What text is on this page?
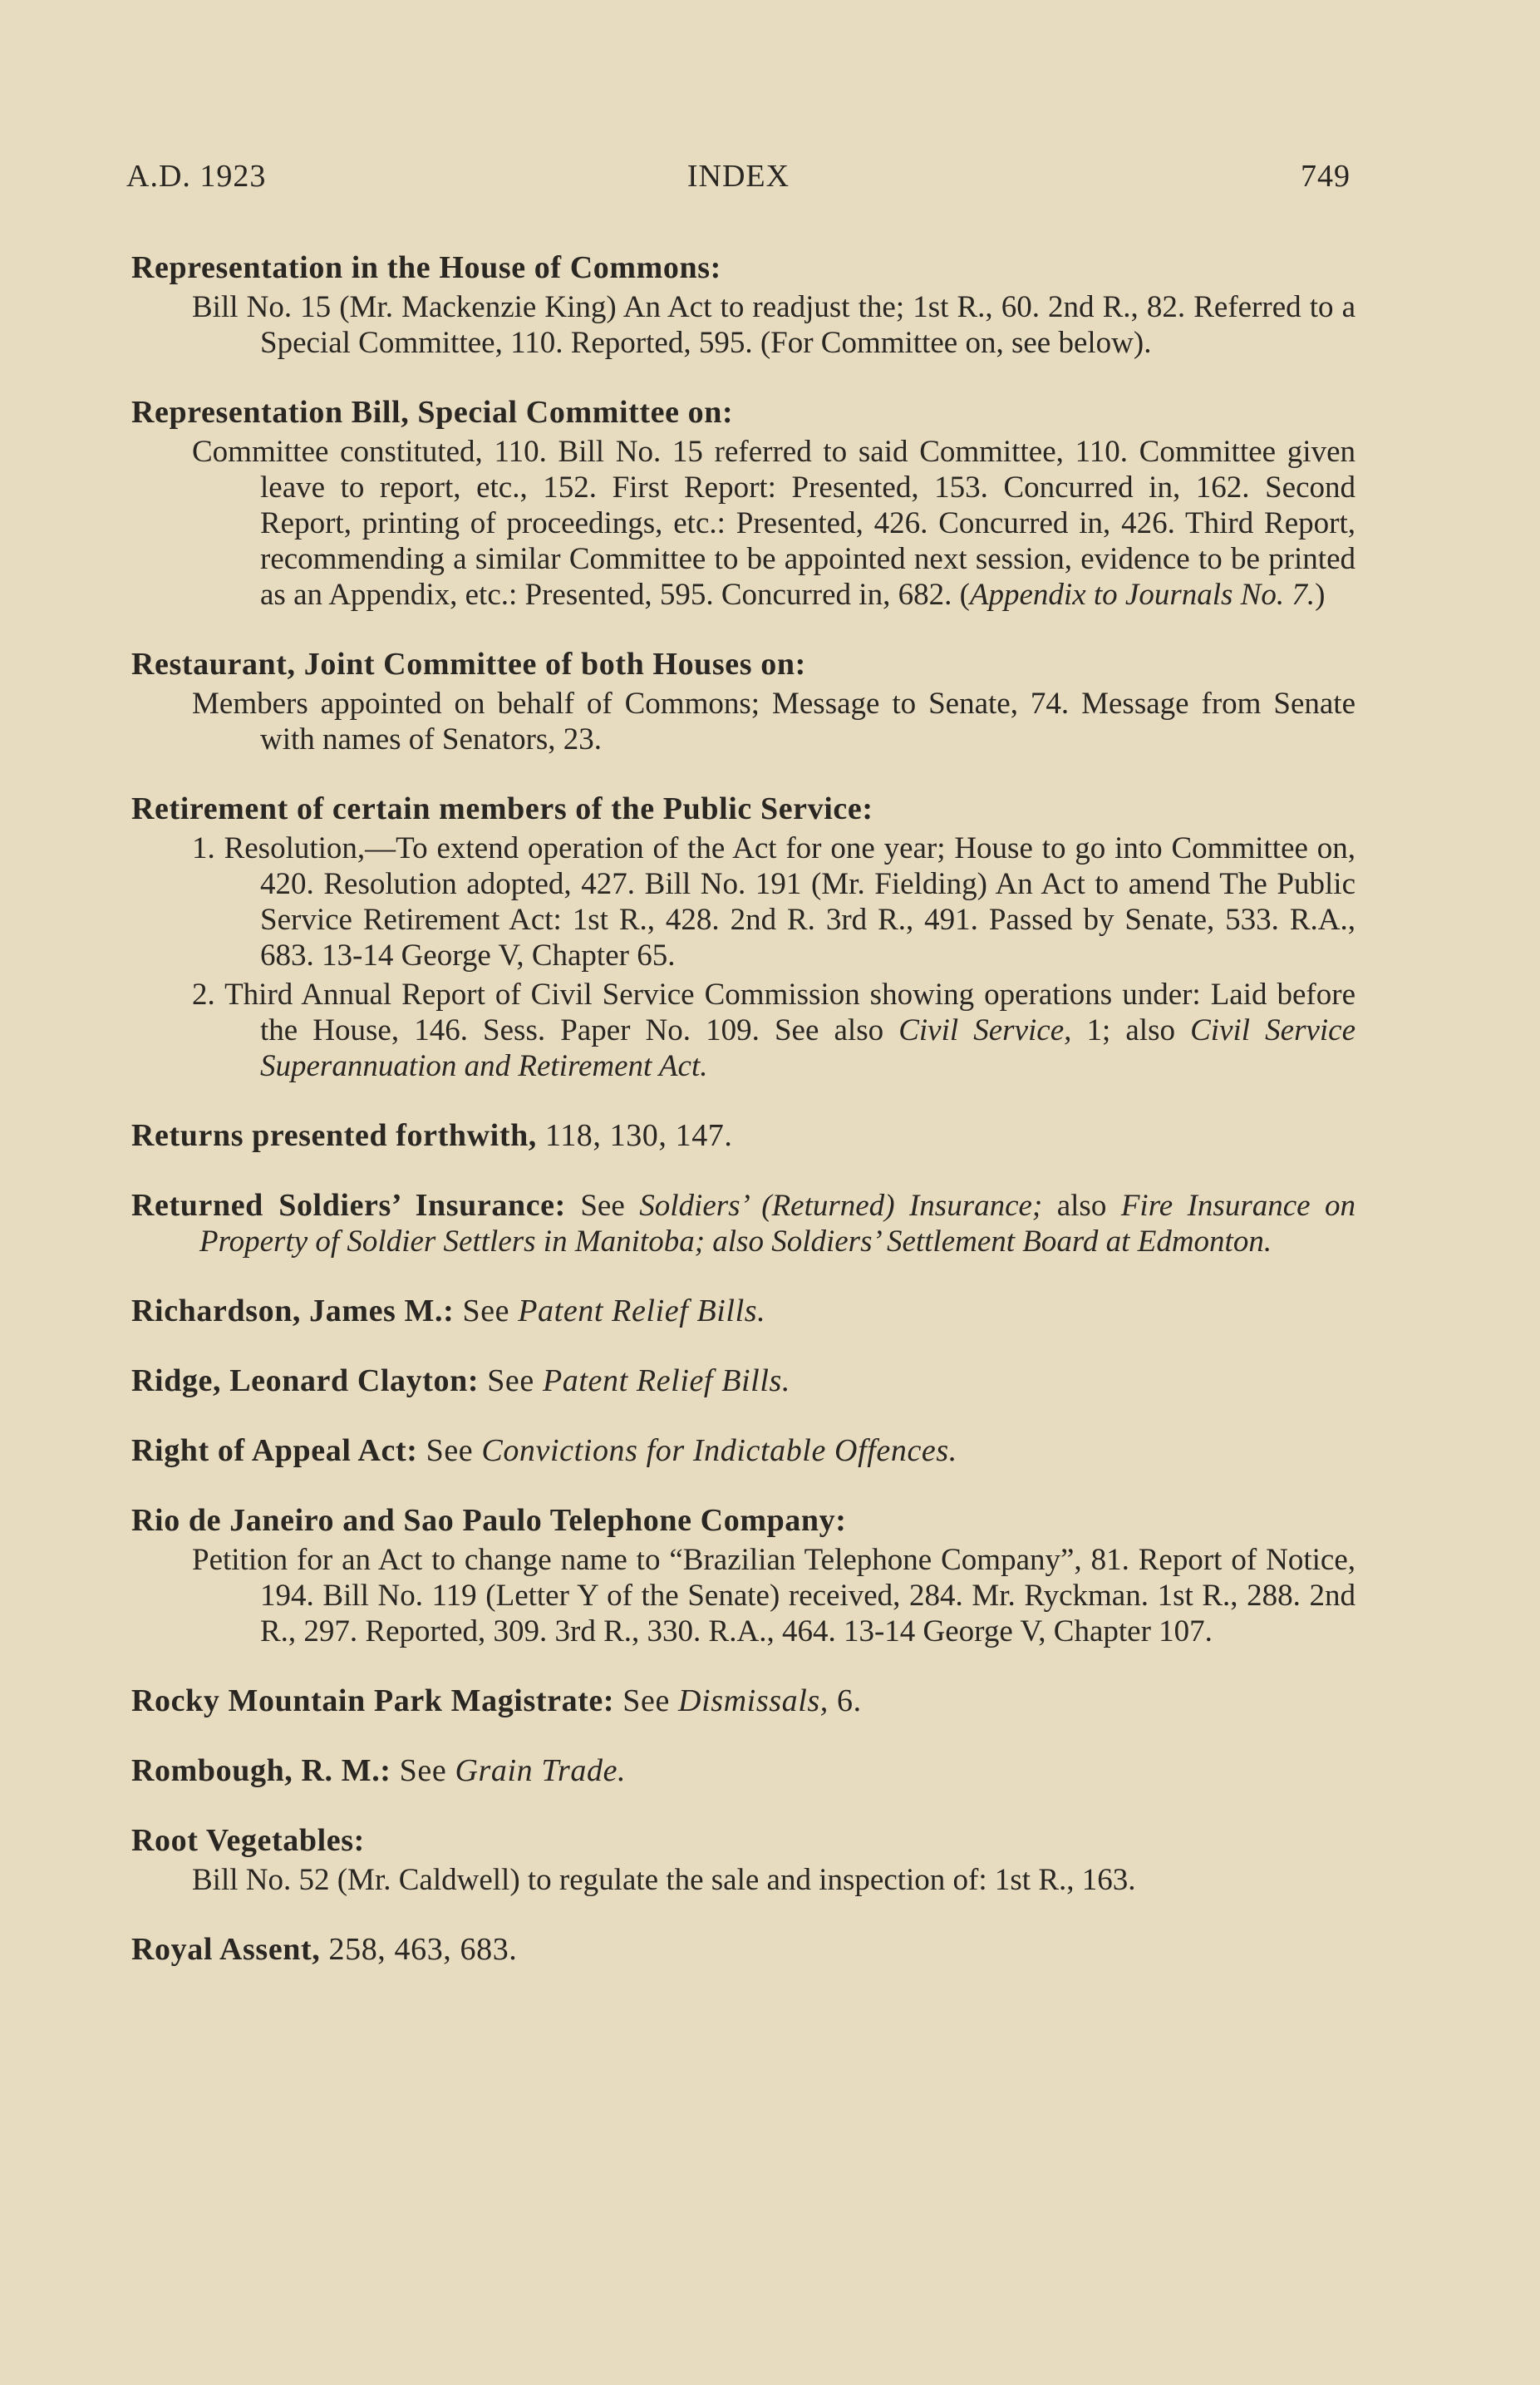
A.D. 1923	INDEX	749
Representation in the House of Commons:
Bill No. 15 (Mr. Mackenzie King) An Act to readjust the; 1st R., 60. 2nd R., 82. Referred to a Special Committee, 110. Reported, 595. (For Committee on, see below).
Representation Bill, Special Committee on:
Committee constituted, 110. Bill No. 15 referred to said Committee, 110. Committee given leave to report, etc., 152. First Report: Presented, 153. Concurred in, 162. Second Report, printing of proceedings, etc.: Presented, 426. Concurred in, 426. Third Report, recommending a similar Committee to be appointed next session, evidence to be printed as an Appendix, etc.: Presented, 595. Concurred in, 682. (Appendix to Journals No. 7.)
Restaurant, Joint Committee of both Houses on:
Members appointed on behalf of Commons; Message to Senate, 74. Message from Senate with names of Senators, 23.
Retirement of certain members of the Public Service:
1. Resolution,—To extend operation of the Act for one year; House to go into Committee on, 420. Resolution adopted, 427. Bill No. 191 (Mr. Fielding) An Act to amend The Public Service Retirement Act: 1st R., 428. 2nd R. 3rd R., 491. Passed by Senate, 533. R.A., 683. 13-14 George V, Chapter 65.
2. Third Annual Report of Civil Service Commission showing operations under: Laid before the House, 146. Sess. Paper No. 109. See also Civil Service, 1; also Civil Service Superannuation and Retirement Act.
Returns presented forthwith, 118, 130, 147.
Returned Soldiers’ Insurance: See Soldiers’ (Returned) Insurance; also Fire Insurance on Property of Soldier Settlers in Manitoba; also Soldiers’ Settlement Board at Edmonton.
Richardson, James M.: See Patent Relief Bills.
Ridge, Leonard Clayton: See Patent Relief Bills.
Right of Appeal Act: See Convictions for Indictable Offences.
Rio de Janeiro and Sao Paulo Telephone Company:
Petition for an Act to change name to “Brazilian Telephone Company”, 81. Report of Notice, 194. Bill No. 119 (Letter Y of the Senate) received, 284. Mr. Ryckman. 1st R., 288. 2nd R., 297. Reported, 309. 3rd R., 330. R.A., 464. 13-14 George V, Chapter 107.
Rocky Mountain Park Magistrate: See Dismissals, 6.
Rombough, R. M.: See Grain Trade.
Root Vegetables:
Bill No. 52 (Mr. Caldwell) to regulate the sale and inspection of: 1st R., 163.
Royal Assent, 258, 463, 683.
